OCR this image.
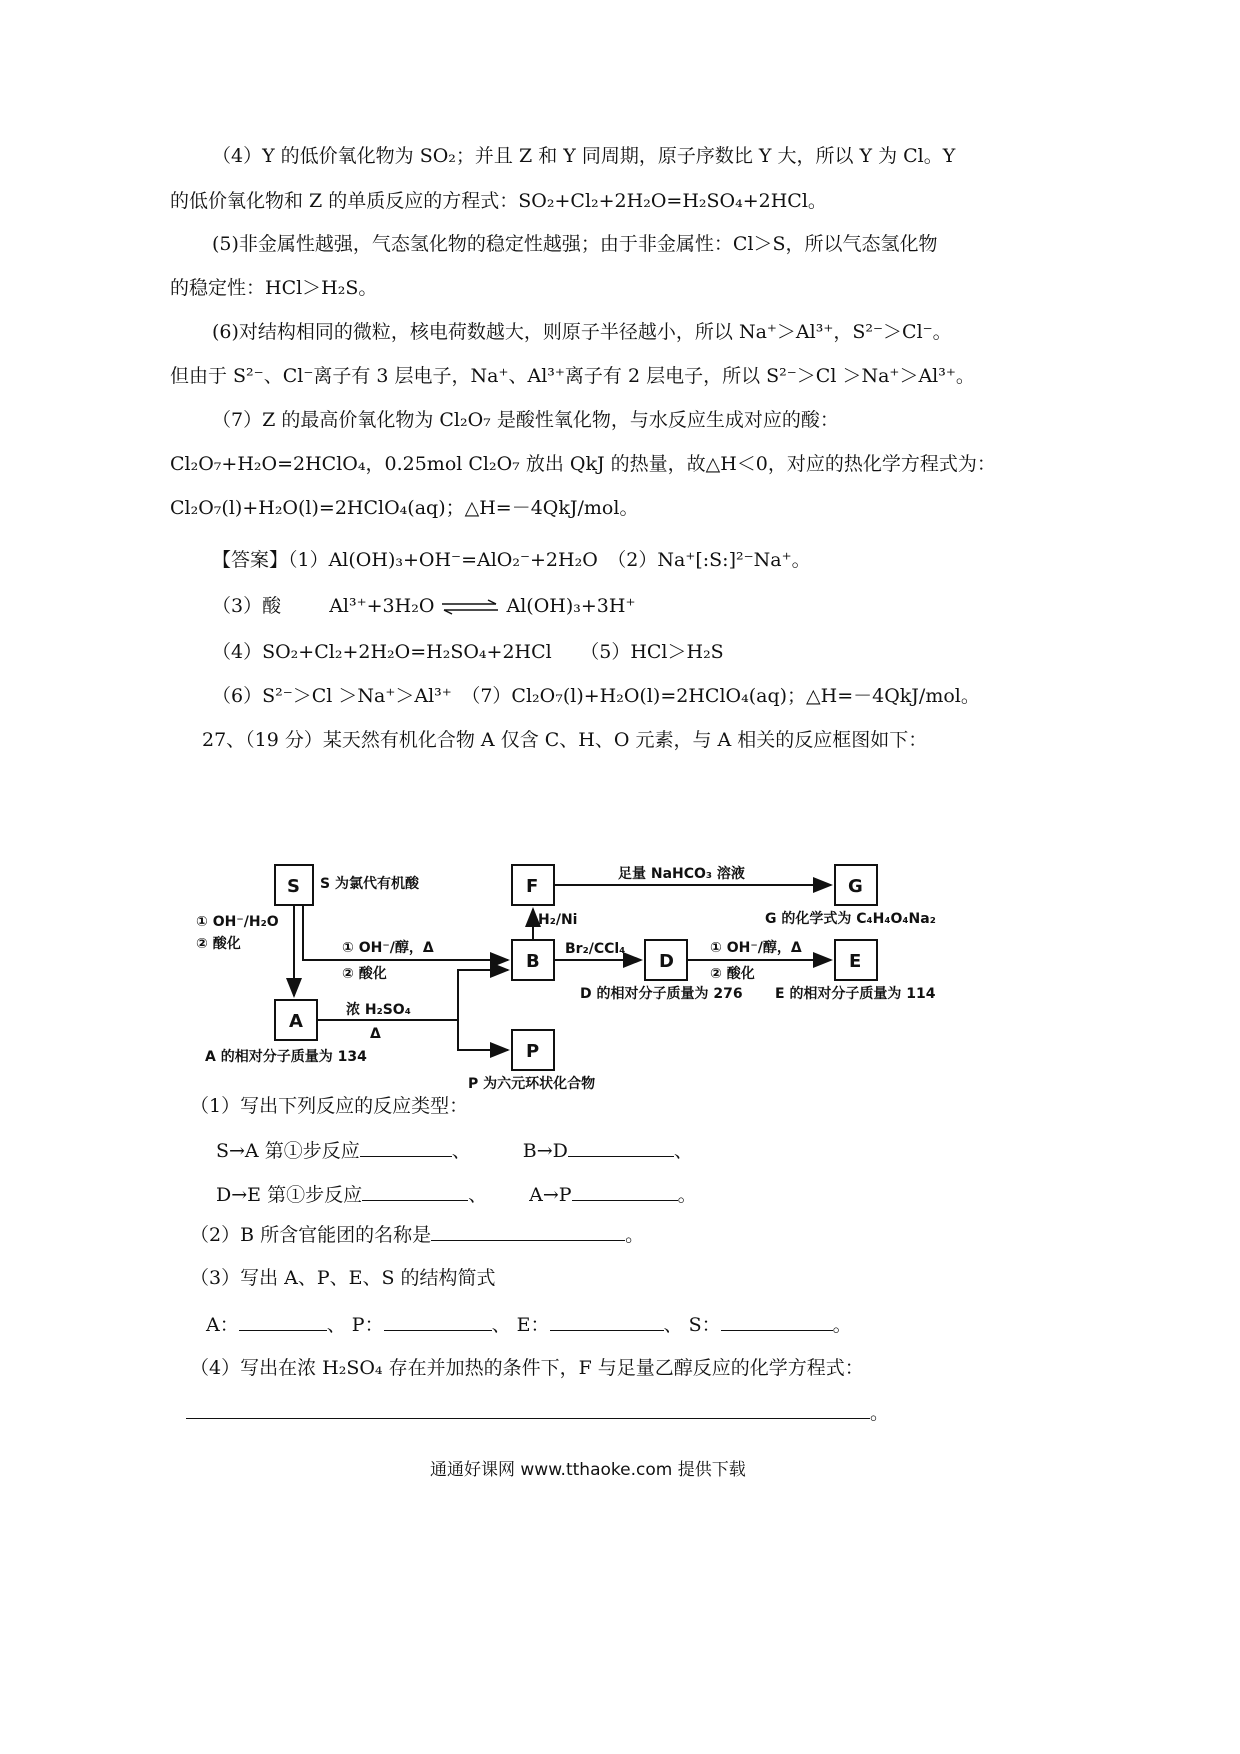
（4）Y 的低价氧化物为 SO₂；并且 Z 和 Y 同周期，原子序数比 Y 大，所以 Y 为 Cl。Y
的低价氧化物和 Z 的单质反应的方程式：SO₂+Cl₂+2H₂O=H₂SO₄+2HCl。
(5)非金属性越强，气态氢化物的稳定性越强；由于非金属性：Cl＞S，所以气态氢化物
的稳定性：HCl＞H₂S。
(6)对结构相同的微粒，核电荷数越大，则原子半径越小，所以 Na⁺＞Al³⁺，S²⁻＞Cl⁻。
但由于 S²⁻、Cl⁻离子有 3 层电子，Na⁺、Al³⁺离子有 2 层电子，所以 S²⁻＞Cl ＞Na⁺＞Al³⁺。
（7）Z 的最高价氧化物为 Cl₂O₇ 是酸性氧化物，与水反应生成对应的酸：
Cl₂O₇+H₂O=2HClO₄，0.25mol Cl₂O₇ 放出 QkJ 的热量，故△H＜0，对应的热化学方程式为：
Cl₂O₇(l)+H₂O(l)=2HClO₄(aq)；△H=－4QkJ/mol。
【答案】（1）Al(OH)₃+OH⁻=AlO₂⁻+2H₂O　（2）Na⁺[:S:]²⁻Na⁺。
（3）酸	Al³⁺+3H₂O ⇌ Al(OH)₃+3H⁺
（4）SO₂+Cl₂+2H₂O=H₂SO₄+2HCl　　（5）HCl＞H₂S
（6）S²⁻＞Cl ＞Na⁺＞Al³⁺　（7）Cl₂O₇(l)+H₂O(l)=2HClO₄(aq)；△H=－4QkJ/mol。
27、（19 分）某天然有机化合物 A 仅含 C、H、O 元素，与 A 相关的反应框图如下：
S	F	G
B	D	E
A
P
S 为氯代有机酸
G 的化学式为 C₄H₄O₄Na₂
A 的相对分子质量为 134
D 的相对分子质量为 276 E 的相对分子质量为 114
P 为六元环状化合物
① OH⁻/H₂O
② 酸化	① OH⁻/醇，Δ
② 酸化
① OH⁻/醇，Δ
② 酸化
足量 NaHCO₃ 溶液
H₂/Ni
Br₂/CCl₄
浓 H₂SO₄
Δ
（1）写出下列反应的反应类型：
S→A 第①步反应	、	B→D	、
D→E 第①步反应	、 A→P	。
（2）B 所含官能团的名称是	。
（3）写出 A、P、E、S 的结构简式
A：	、 P：	、 E：	、 S：	。
（4）写出在浓 H₂SO₄ 存在并加热的条件下，F 与足量乙醇反应的化学方程式：
。
通通好课网 www.tthaoke.com 提供下载
